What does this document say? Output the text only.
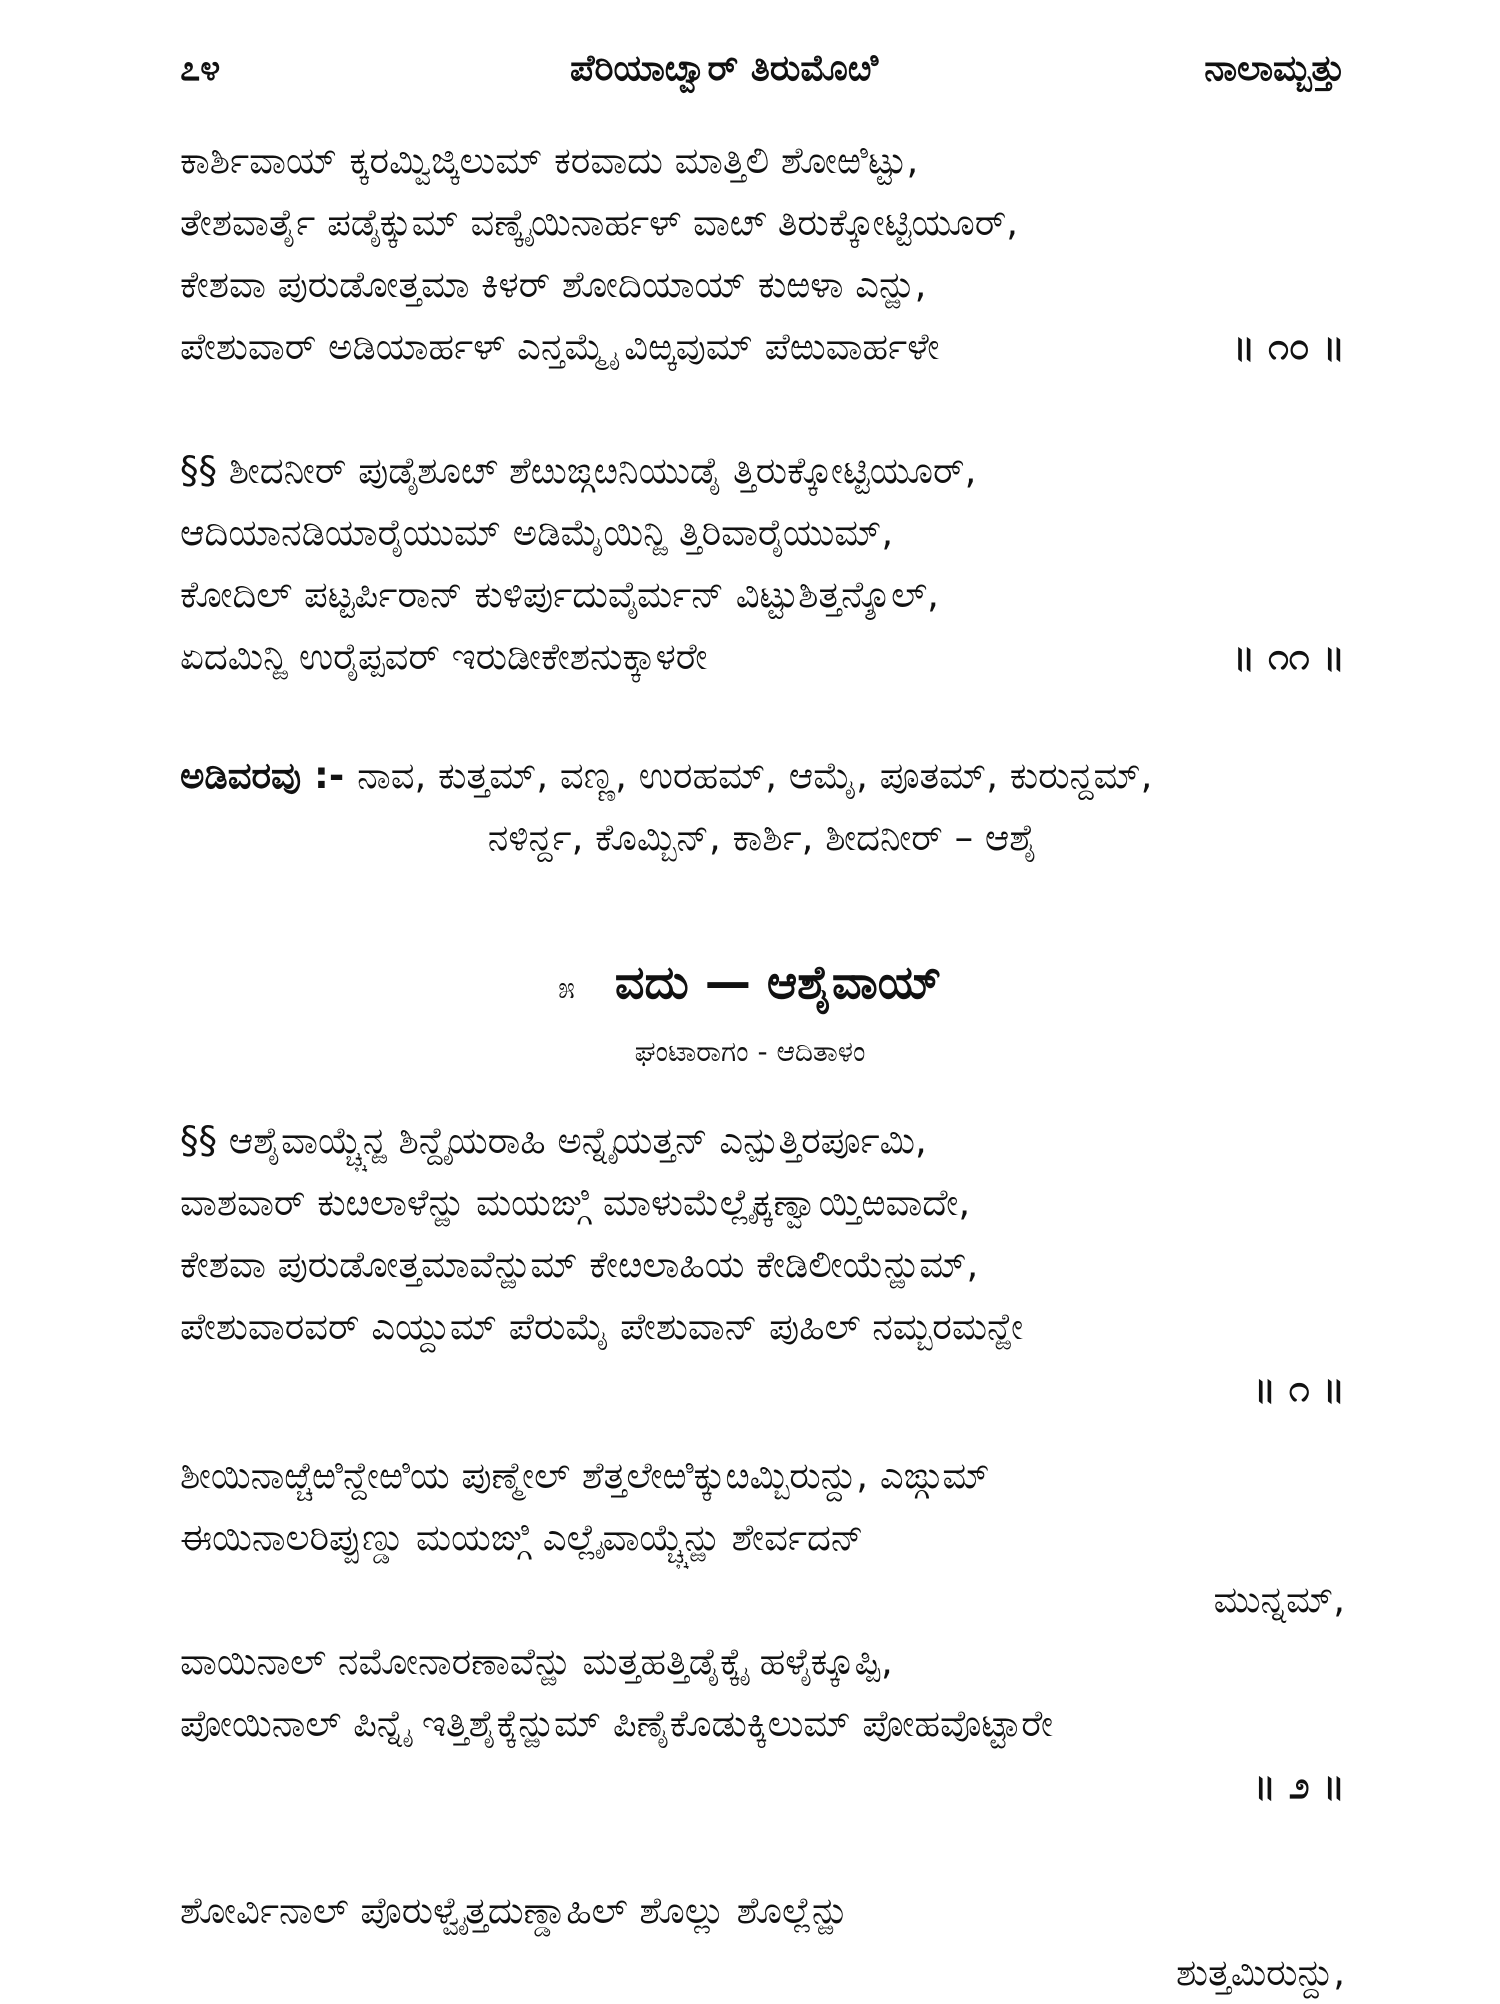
೭೪	ಪೆರಿಯಾೞ್ವಾರ್ ತಿರುಮೊೞಿ	ನಾಲಾಮ್ಬತ್ತು
ಕಾರ್ಶಿವಾಯ್ ಕ್ಕರಮ್ವಿಜ್ಕಿಲುಮ್ ಕರವಾದು ಮಾತ್ತಿಲಿ ಶೋಱಿಟ್ಟು,
ತೇಶವಾರ್ತೈ ಪಡೈಕ್ಕುಮ್ ವಣ್ಕೈಯಿನಾರ್ಹಳ್ ವಾೞ್ ತಿರುಕ್ಕೋಟ್ಟಿಯೂರ್,
ಕೇಶವಾ ಪುರುಡೋತ್ತಮಾ ಕಿಳರ್ ಶೋದಿಯಾಯ್ ಕುಱಳಾ ಎನ್ಱು,
॥ ೧೦ ॥
ಪೇಶುವಾರ್ ಅಡಿಯಾರ್ಹಳ್ ಎನ್ತಮ್ಮೈ ವಿಱ್ಕವುಮ್ ಪೆಱುವಾರ್ಹಳೇ
§§ ಶೀದನೀರ್ ಪುಡೈಶೂೞ್ ಶೆೞುಙ್ಗೞನಿಯುಡೈ ತ್ತಿರುಕ್ಕೋಟ್ಟಿಯೂರ್,
ಆದಿಯಾನಡಿಯಾರೈಯುಮ್ ಅಡಿಮೈಯಿನ್ಱಿ ತ್ತಿರಿವಾರೈಯುಮ್,
ಕೋದಿಲ್ ಪಟ್ಟರ್ಪಿರಾನ್ ಕುಳಿರ್ಪುದುವೈರ್ಮನ್ ವಿಟ್ಟುಶಿತ್ತನ್ಶೊಲ್,
॥ ೧೧ ॥
ಏದಮಿನ್ಱಿ ಉರೈಪ್ಪವರ್ ಇರುಡೀಕೇಶನುಕ್ಕಾಳರೇ
ಅಡಿವರವು :- ನಾವ, ಕುತ್ತಮ್, ವಣ್ಣ, ಉರಹಮ್, ಆಮೈ, ಪೂತಮ್, ಕುರುನ್ದಮ್,
ನಳಿರ್ನ್ದ, ಕೊಮ್ಬಿನ್, ಕಾರ್ಶಿ, ಶೀದನೀರ್ – ಆಶೈ
೫ ವದು — ಆಶೈವಾಯ್
ಘಂಟಾರಾಗಂ - ಆದಿತಾಳಂ
§§ ಆಶೈವಾಯ್ಚ್ಚೆನ್ಱ ಶಿನ್ದೈಯರಾಹಿ ಅನ್ನೈಯತ್ತನ್ ಎನ್ಪುತ್ತಿರರ್ಪೂಮಿ,
ವಾಶವಾರ್ ಕುೞಲಾಳೆನ್ಱು ಮಯಙ್ಗಿ ಮಾಳುಮೆಲ್ಲೈಕ್ಕಣ್ವಾಯ್ತಿಱವಾದೇ,
ಕೇಶವಾ ಪುರುಡೋತ್ತಮಾವೆನ್ಱುಮ್ ಕೇೞಲಾಹಿಯ ಕೇಡಿಲೀಯೆನ್ಱುಮ್,
ಪೇಶುವಾರವರ್ ಎಯ್ದುಮ್ ಪೆರುಮೈ ಪೇಶುವಾನ್ ಪುಹಿಲ್ ನಮ್ಬರಮನ್ಱೇ
॥ ೧ ॥
ಶೀಯಿನಾಱ್ಚೆಱಿನ್ದೇಱಿಯ ಪುಣ್ಮೇಲ್ ಶೆತ್ತಲೇಱಿಕ್ಕುೞಮ್ಬಿರುನ್ದು, ಎಙ್ಗುಮ್
ಈಯಿನಾಲರಿಪ್ಪುಣ್ಡು ಮಯಙ್ಗಿ ಎಲ್ಲೈವಾಯ್ಚ್ಚೆನ್ಱು ಶೇರ್ವದನ್
ಮುನ್ನಮ್,
ವಾಯಿನಾಲ್ ನಮೋನಾರಣಾವೆನ್ಱು ಮತ್ತಹತ್ತಿಡೈಕ್ಕೈ ಹಳೈಕ್ಕೂಪ್ಪಿ,
ಪೋಯಿನಾಲ್ ಪಿನ್ನೈ ಇತ್ತಿಶೈಕ್ಕೆನ್ಱುಮ್ ಪಿಣೈಕೊಡುಕ್ಕಿಲುಮ್ ಪೋಹವೊಟ್ಟಾರೇ
॥ ೨ ॥
ಶೋರ್ವಿನಾಲ್ ಪೊರುಳ್ವೈತ್ತದುಣ್ಡಾಹಿಲ್ ಶೊಲ್ಲು ಶೊಲ್ಲೆನ್ಱು
ಶುತ್ತಮಿರುನ್ದು,
